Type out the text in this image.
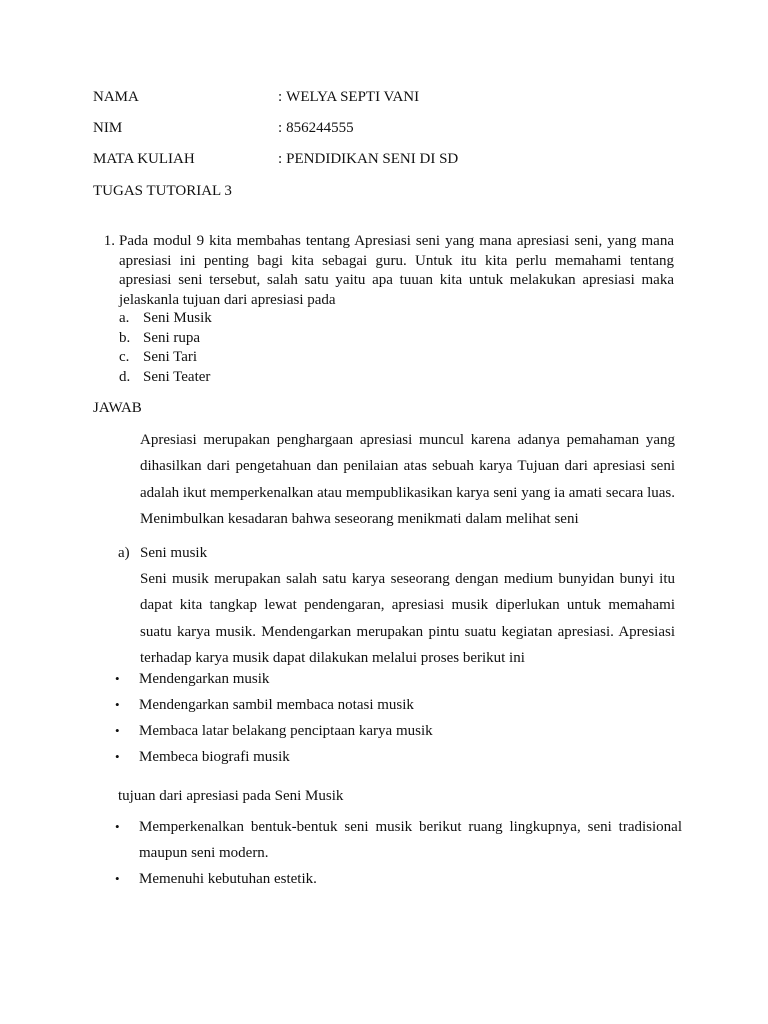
NAMA	: WELYA SEPTI VANI
NIM	: 856244555
MATA KULIAH	: PENDIDIKAN SENI DI SD
TUGAS TUTORIAL 3
1. Pada modul 9 kita membahas tentang Apresiasi seni yang mana apresiasi seni, yang mana apresiasi ini penting bagi kita sebagai guru. Untuk itu kita perlu memahami tentang apresiasi seni tersebut, salah satu yaitu apa tuuan kita untuk melakukan apresiasi maka jelaskanla tujuan dari apresiasi pada
a. Seni Musik
b. Seni rupa
c. Seni Tari
d. Seni Teater
JAWAB
Apresiasi merupakan penghargaan apresiasi muncul karena adanya pemahaman yang dihasilkan dari pengetahuan dan penilaian atas sebuah karya Tujuan dari apresiasi seni adalah ikut memperkenalkan atau mempublikasikan karya seni yang ia amati secara luas. Menimbulkan kesadaran bahwa seseorang menikmati dalam melihat seni
a) Seni musik
Seni musik merupakan salah satu karya seseorang dengan medium bunyidan bunyi itu dapat kita tangkap lewat pendengaran, apresiasi musik diperlukan untuk memahami suatu karya musik. Mendengarkan merupakan pintu suatu kegiatan apresiasi. Apresiasi terhadap karya musik dapat dilakukan melalui proses berikut ini
• Mendengarkan musik
• Mendengarkan sambil membaca notasi musik
• Membaca latar belakang penciptaan karya musik
• Membeca biografi musik
tujuan dari apresiasi pada Seni Musik
• Memperkenalkan bentuk-bentuk seni musik berikut ruang lingkupnya, seni tradisional maupun seni modern.
• Memenuhi kebutuhan estetik.
